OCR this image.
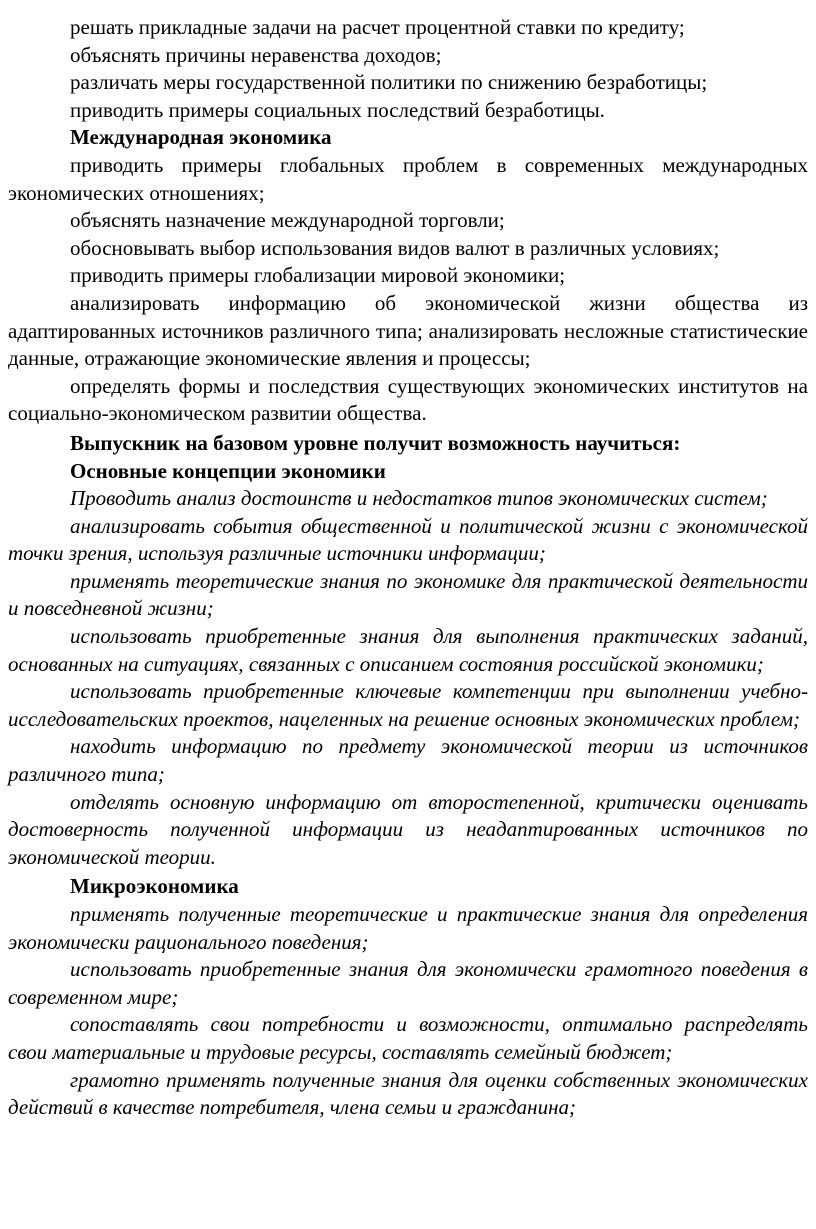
решать прикладные задачи на расчет процентной ставки по кредиту;

объяснять причины неравенства доходов;

различать меры государственной политики по снижению безработицы;

приводить примеры социальных последствий безработицы.

Международная экономика

приводить примеры глобальных проблем в современных международных экономических отношениях;

объяснять назначение международной торговли;

обосновывать выбор использования видов валют в различных условиях;

приводить примеры глобализации мировой экономики;

анализировать информацию об экономической жизни общества из адаптированных источников различного типа; анализировать несложные статистические данные, отражающие экономические явления и процессы;

определять формы и последствия существующих экономических институтов на социально-экономическом развитии общества.

Выпускник на базовом уровне получит возможность научиться:

Основные концепции экономики

Проводить анализ достоинств и недостатков типов экономических систем;

анализировать события общественной и политической жизни с экономической точки зрения, используя различные источники информации;

применять теоретические знания по экономике для практической деятельности и повседневной жизни;

использовать приобретенные знания для выполнения практических заданий, основанных на ситуациях, связанных с описанием состояния российской экономики;

использовать приобретенные ключевые компетенции при выполнении учебно-исследовательских проектов, нацеленных на решение основных экономических проблем;

находить информацию по предмету экономической теории из источников различного типа;

отделять основную информацию от второстепенной, критически оценивать достоверность полученной информации из неадаптированных источников по экономической теории.

Микроэкономика

применять полученные теоретические и практические знания для определения экономически рационального поведения;

использовать приобретенные знания для экономически грамотного поведения в современном мире;

сопоставлять свои потребности и возможности, оптимально распределять свои материальные и трудовые ресурсы, составлять семейный бюджет;

грамотно применять полученные знания для оценки собственных экономических действий в качестве потребителя, члена семьи и гражданина;
